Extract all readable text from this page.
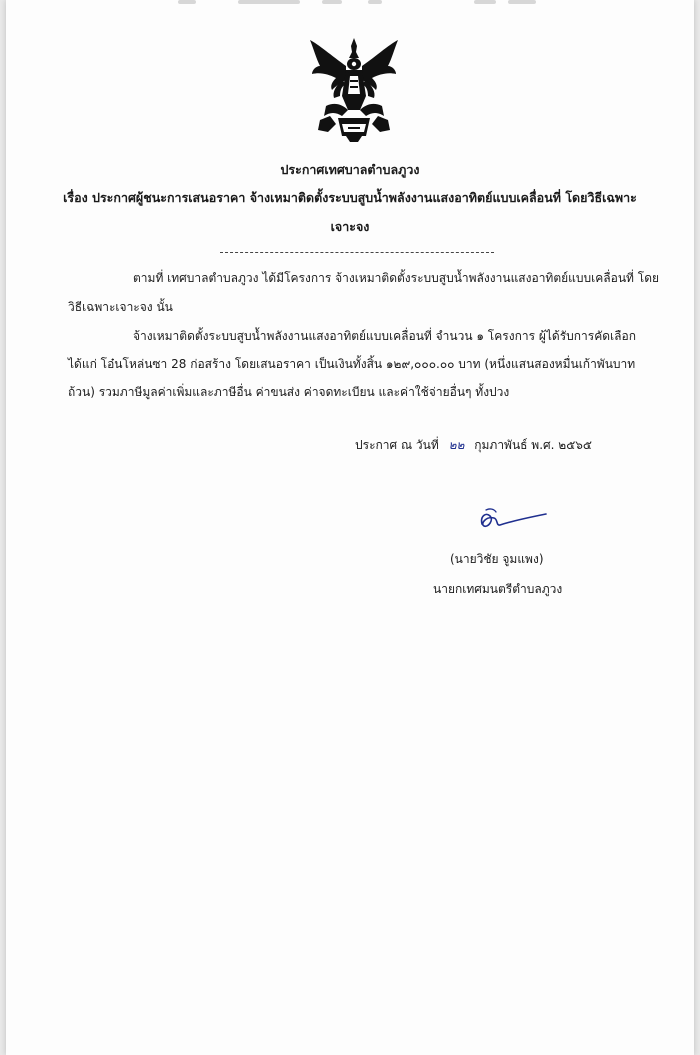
ประกาศเทศบาลตำบลภูวง
เรื่อง ประกาศผู้ชนะการเสนอราคา จ้างเหมาติดตั้งระบบสูบน้ำพลังงานแสงอาทิตย์แบบเคลื่อนที่ โดยวิธีเฉพาะ
เจาะจง
ตามที่ เทศบาลตำบลภูวง ได้มีโครงการ จ้างเหมาติดตั้งระบบสูบน้ำพลังงานแสงอาทิตย์แบบเคลื่อนที่ โดย
วิธีเฉพาะเจาะจง นั้น
จ้างเหมาติดตั้งระบบสูบน้ำพลังงานแสงอาทิตย์แบบเคลื่อนที่ จำนวน ๑ โครงการ ผู้ได้รับการคัดเลือก
ได้แก่ โอ๋นโหล่นซา 28 ก่อสร้าง โดยเสนอราคา เป็นเงินทั้งสิ้น ๑๒๙,๐๐๐.๐๐ บาท (หนึ่งแสนสองหมื่นเก้าพันบาท
ถ้วน) รวมภาษีมูลค่าเพิ่มและภาษีอื่น ค่าขนส่ง ค่าจดทะเบียน และค่าใช้จ่ายอื่นๆ ทั้งปวง
ประกาศ ณ วันที่ ๒๒ กุมภาพันธ์ พ.ศ. ๒๕๖๕
(นายวิชัย จูมแพง)
นายกเทศมนตรีตำบลภูวง
